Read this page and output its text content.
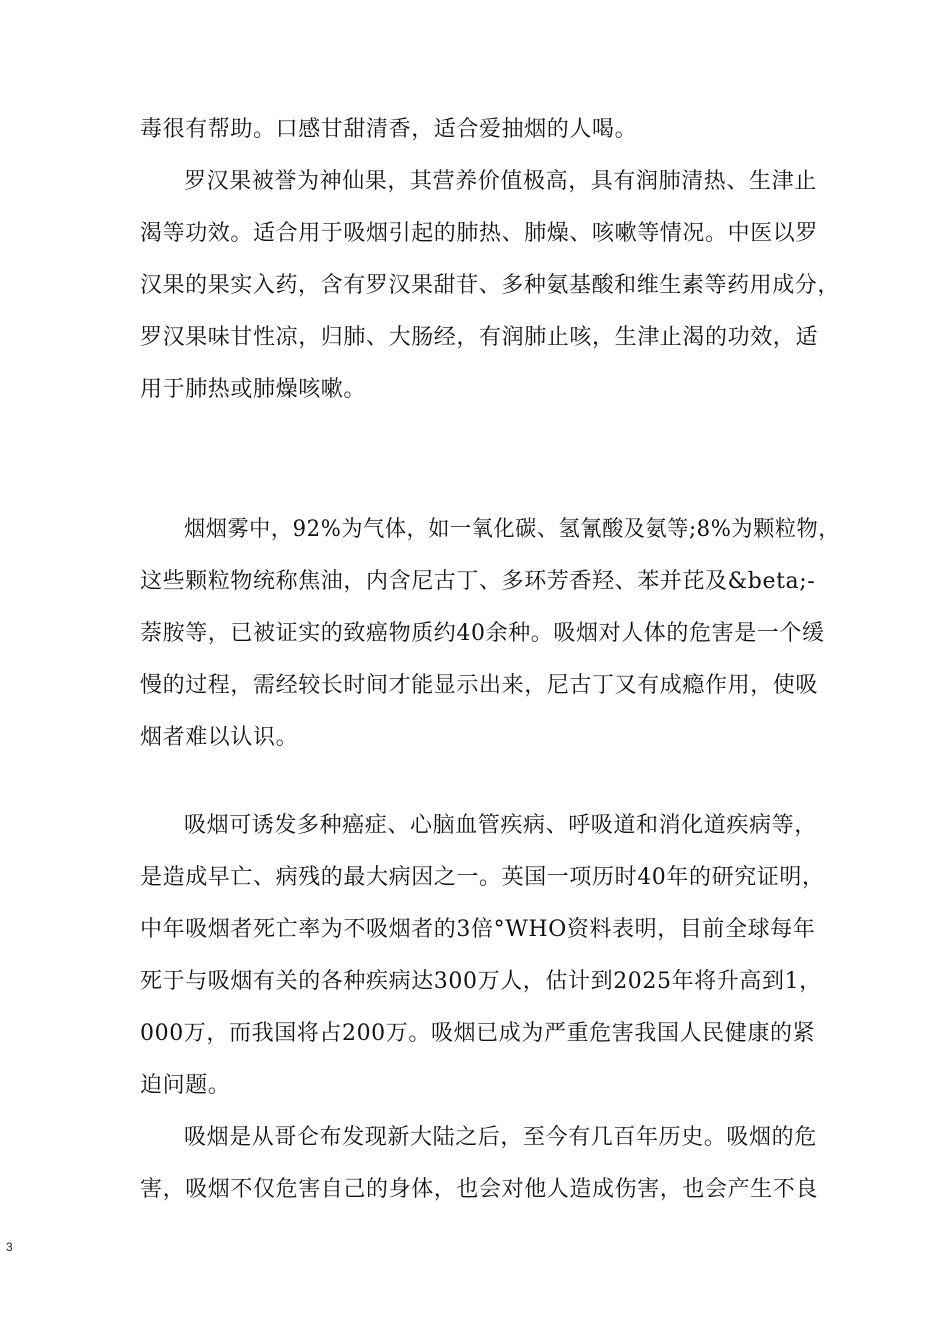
毒很有帮助。口感甘甜清香，适合爱抽烟的人喝。
罗汉果被誉为神仙果，其营养价值极高，具有润肺清热、生津止
渴等功效。适合用于吸烟引起的肺热、肺燥、咳嗽等情况。中医以罗
汉果的果实入药，含有罗汉果甜苷、多种氨基酸和维生素等药用成分，
罗汉果味甘性凉，归肺、大肠经，有润肺止咳，生津止渴的功效，适
用于肺热或肺燥咳嗽。
烟烟雾中，92%为气体，如一氧化碳、氢氰酸及氨等;8%为颗粒物，
这些颗粒物统称焦油，内含尼古丁、多环芳香羟、苯并芘及&beta;-
萘胺等，已被证实的致癌物质约40余种。吸烟对人体的危害是一个缓
慢的过程，需经较长时间才能显示出来，尼古丁又有成瘾作用，使吸
烟者难以认识。
吸烟可诱发多种癌症、心脑血管疾病、呼吸道和消化道疾病等，
是造成早亡、病残的最大病因之一。英国一项历时40年的研究证明，
中年吸烟者死亡率为不吸烟者的3倍°WHO资料表明，目前全球每年
死于与吸烟有关的各种疾病达300万人，估计到2025年将升高到1，
000万，而我国将占200万。吸烟已成为严重危害我国人民健康的紧
迫问题。
吸烟是从哥仑布发现新大陆之后，至今有几百年历史。吸烟的危
害，吸烟不仅危害自己的身体，也会对他人造成伤害，也会产生不良
3
